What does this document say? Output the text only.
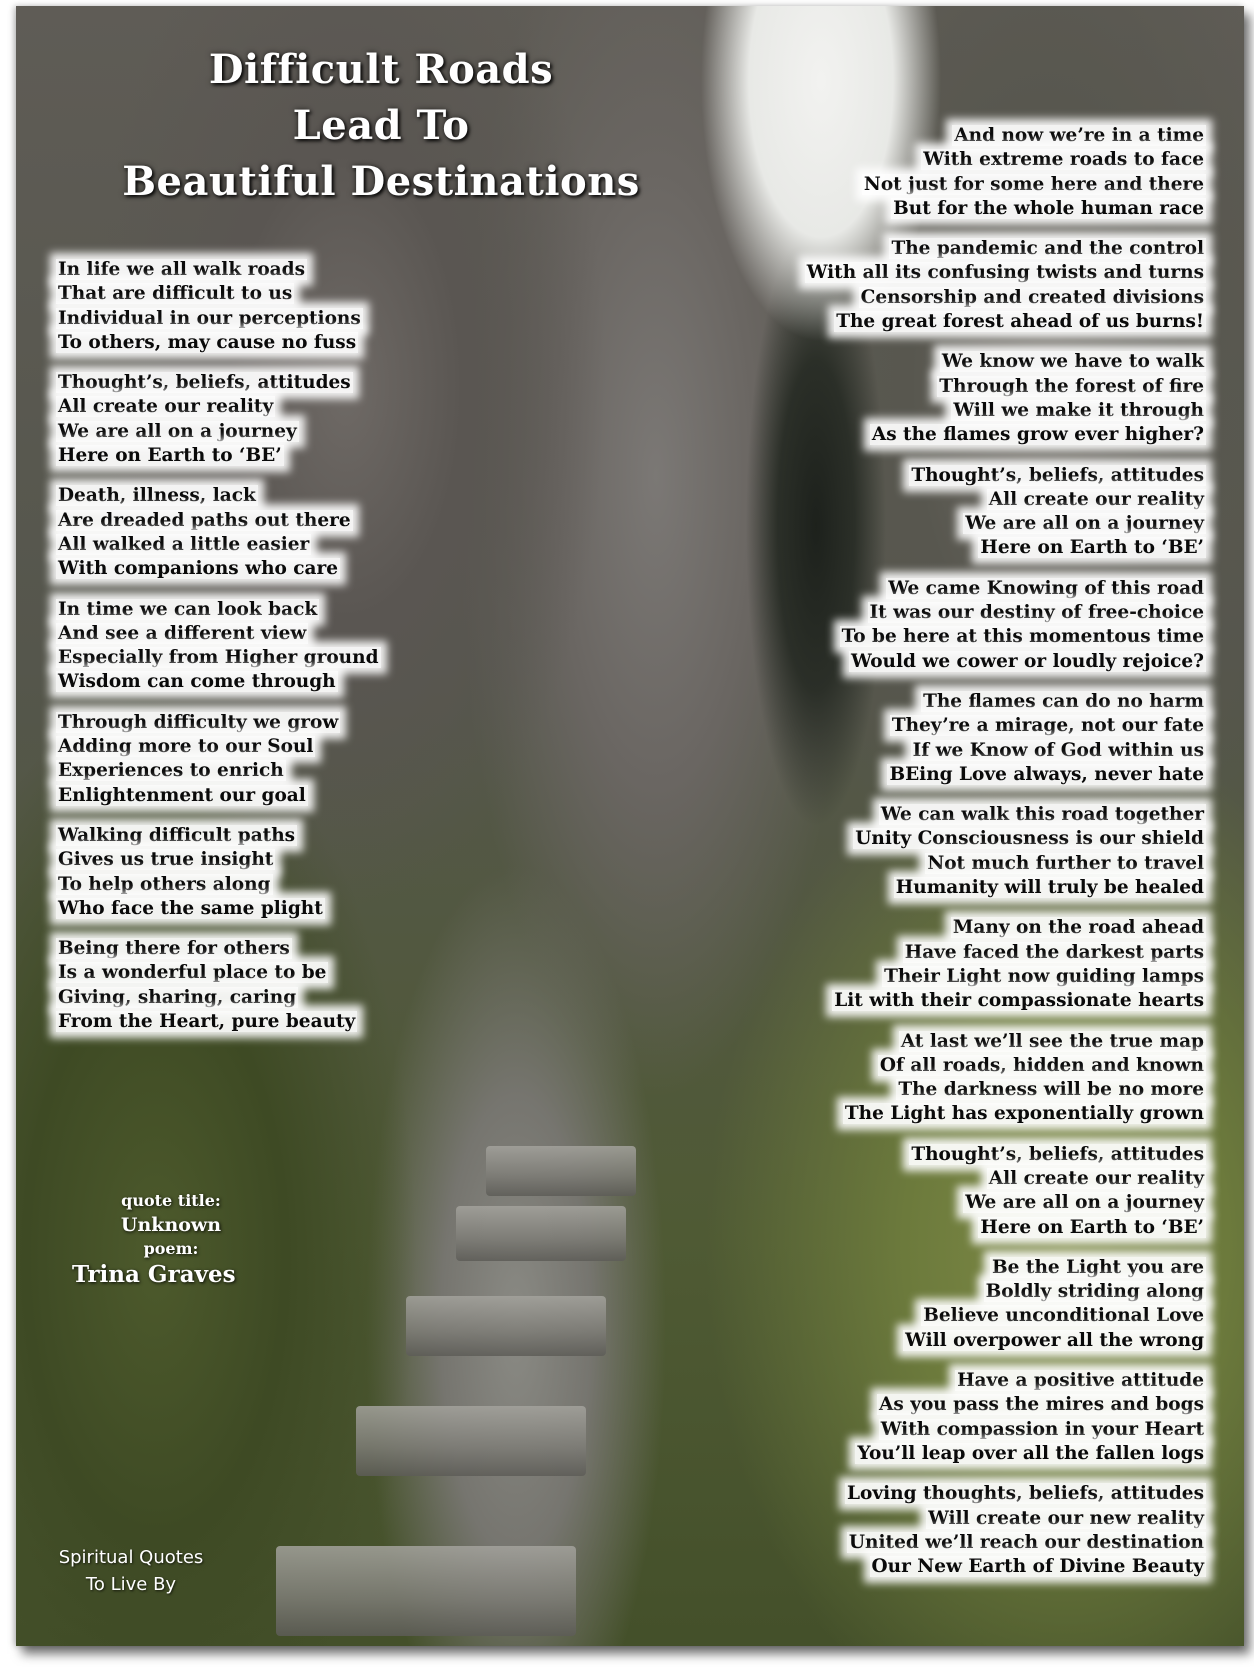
Difficult Roads
Lead To
Beautiful Destinations
In life we all walk roads
That are difficult to us
Individual in our perceptions
To others, may cause no fuss
Thought’s, beliefs, attitudes
All create our reality
We are all on a journey
Here on Earth to ‘BE’
Death, illness, lack
Are dreaded paths out there
All walked a little easier
With companions who care
In time we can look back
And see a different view
Especially from Higher ground
Wisdom can come through
Through difficulty we grow
Adding more to our Soul
Experiences to enrich
Enlightenment our goal
Walking difficult paths
Gives us true insight
To help others along
Who face the same plight
Being there for others
Is a wonderful place to be
Giving, sharing, caring
From the Heart, pure beauty
And now we’re in a time
With extreme roads to face
Not just for some here and there
But for the whole human race
The pandemic and the control
With all its confusing twists and turns
Censorship and created divisions
The great forest ahead of us burns!
We know we have to walk
Through the forest of fire
Will we make it through
As the flames grow ever higher?
Thought’s, beliefs, attitudes
All create our reality
We are all on a journey
Here on Earth to ‘BE’
We came Knowing of this road
It was our destiny of free-choice
To be here at this momentous time
Would we cower or loudly rejoice?
The flames can do no harm
They’re a mirage, not our fate
If we Know of God within us
BEing Love always, never hate
We can walk this road together
Unity Consciousness is our shield
Not much further to travel
Humanity will truly be healed
Many on the road ahead
Have faced the darkest parts
Their Light now guiding lamps
Lit with their compassionate hearts
At last we’ll see the true map
Of all roads, hidden and known
The darkness will be no more
The Light has exponentially grown
Thought’s, beliefs, attitudes
All create our reality
We are all on a journey
Here on Earth to ‘BE’
Be the Light you are
Boldly striding along
Believe unconditional Love
Will overpower all the wrong
Have a positive attitude
As you pass the mires and bogs
With compassion in your Heart
You’ll leap over all the fallen logs
Loving thoughts, beliefs, attitudes
Will create our new reality
United we’ll reach our destination
Our New Earth of Divine Beauty
quote title:
Unknown
poem:
Trina Graves
Spiritual Quotes
To Live By
